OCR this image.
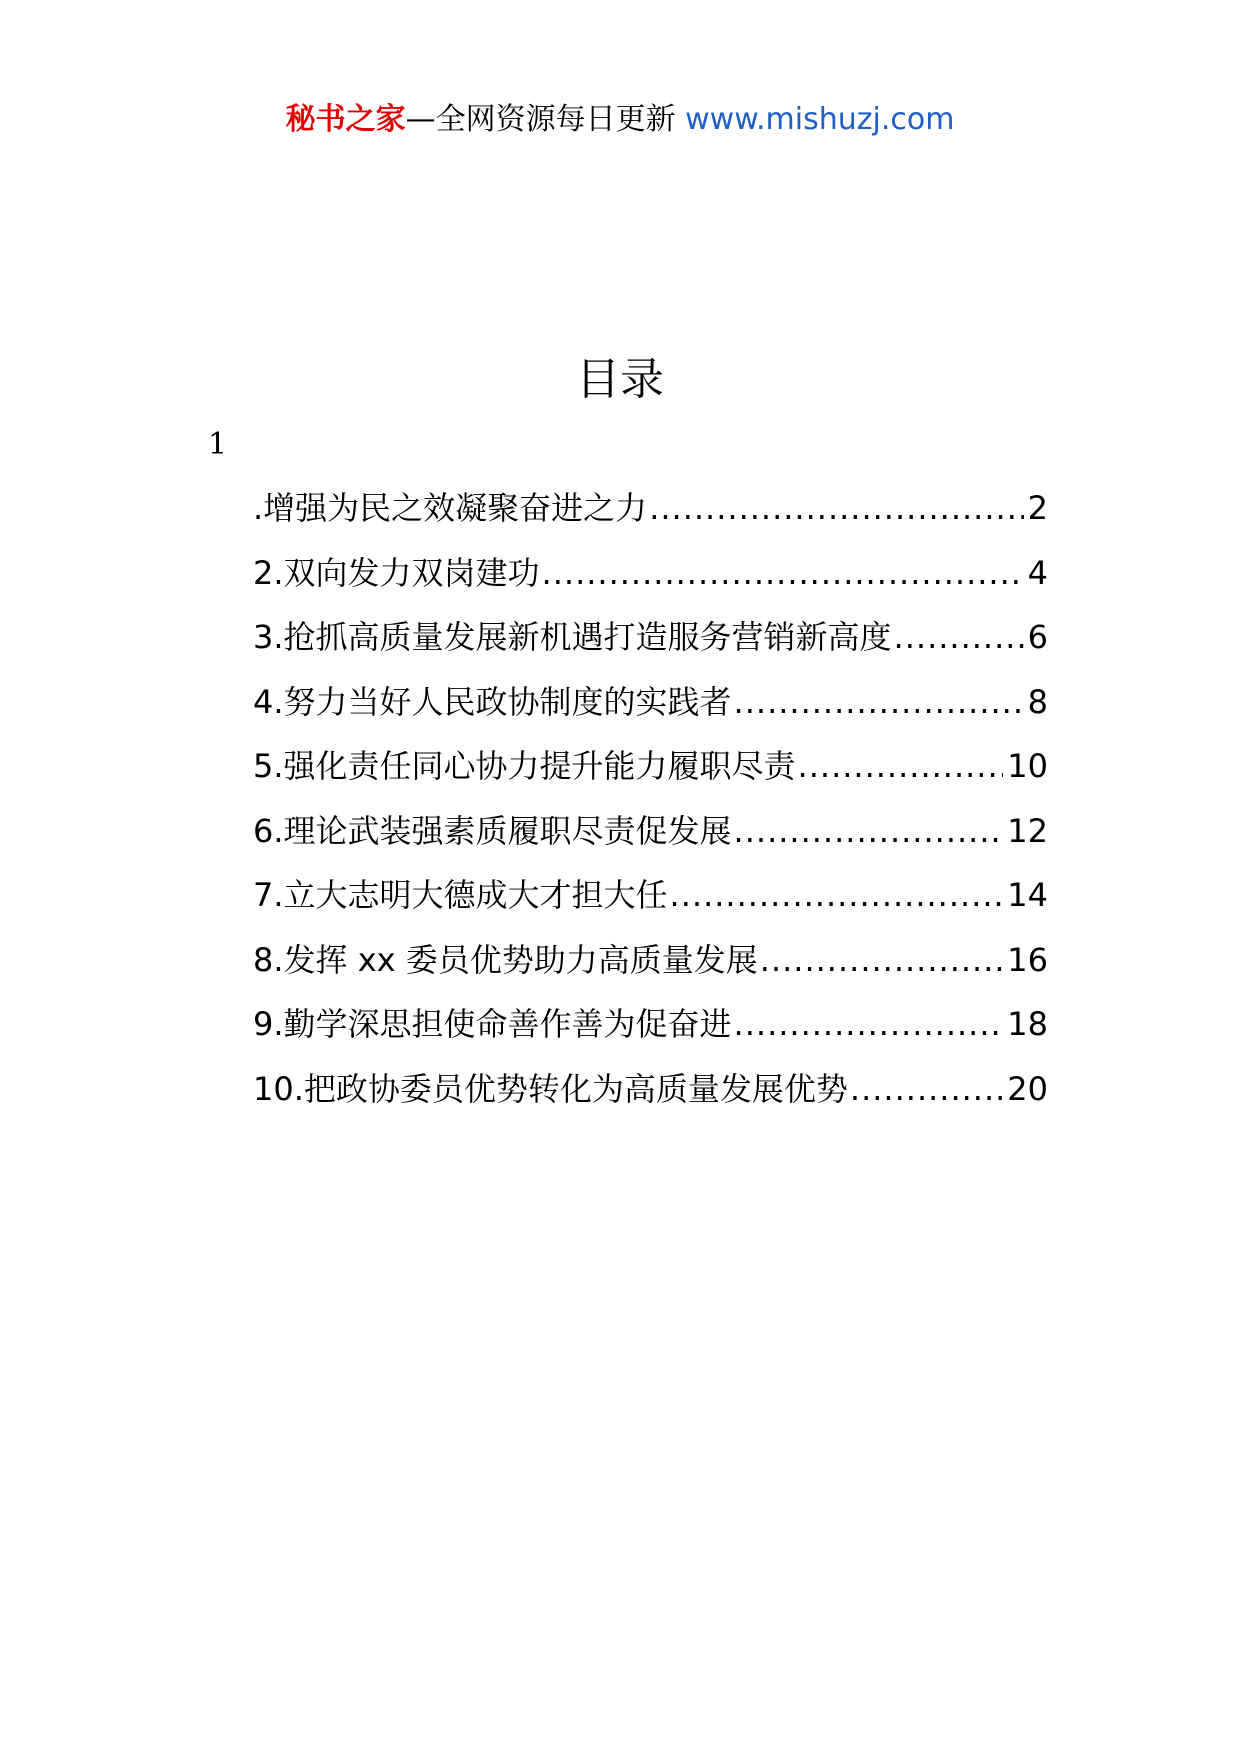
秘书之家—全网资源每日更新 www.mishuzj.com
目录
1
.增强为民之效凝聚奋进之力 .....	2
2.双向发力双岗建功 .....	4
3.抢抓高质量发展新机遇打造服务营销新高度 .....	6
4.努力当好人民政协制度的实践者 .....	8
5.强化责任同心协力提升能力履职尽责 .....	10
6.理论武装强素质履职尽责促发展 .....	12
7.立大志明大德成大才担大任 .....	14
8.发挥 xx 委员优势助力高质量发展 .....	16
9.勤学深思担使命善作善为促奋进 .....	18
10.把政协委员优势转化为高质量发展优势 .....	20
